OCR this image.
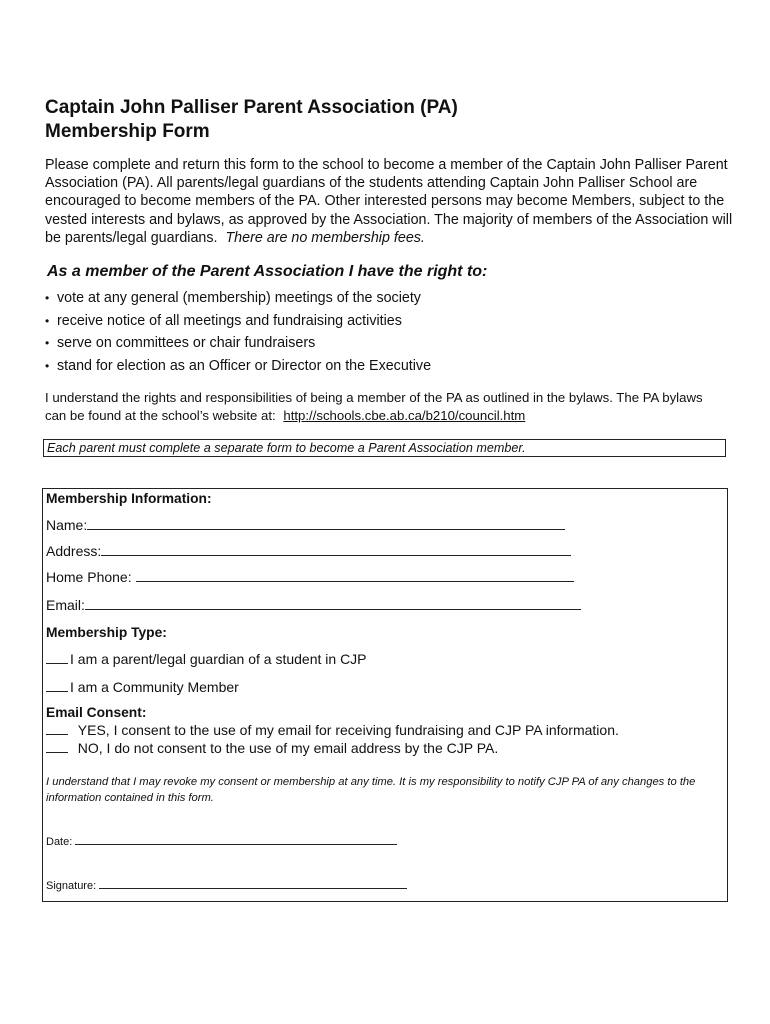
Captain John Palliser Parent Association (PA)
Membership Form

Please complete and return this form to the school to become a member of the Captain John Palliser Parent Association (PA). All parents/legal guardians of the students attending Captain John Palliser School are encouraged to become members of the PA. Other interested persons may become Members, subject to the vested interests and bylaws, as approved by the Association. The majority of members of the Association will be parents/legal guardians. There are no membership fees.

As a member of the Parent Association I have the right to:
• vote at any general (membership) meetings of the society
• receive notice of all meetings and fundraising activities
• serve on committees or chair fundraisers
• stand for election as an Officer or Director on the Executive

I understand the rights and responsibilities of being a member of the PA as outlined in the bylaws. The PA bylaws can be found at the school’s website at: http://schools.cbe.ab.ca/b210/council.htm

Each parent must complete a separate form to become a Parent Association member.
Membership Information:
Name:
Address:
Home Phone:
Email:
Membership Type:
I am a parent/legal guardian of a student in CJP
I am a Community Member
Email Consent:
YES, I consent to the use of my email for receiving fundraising and CJP PA information.
NO, I do not consent to the use of my email address by the CJP PA.
I understand that I may revoke my consent or membership at any time. It is my responsibility to notify CJP PA of any changes to the information contained in this form.
Date:
Signature:
